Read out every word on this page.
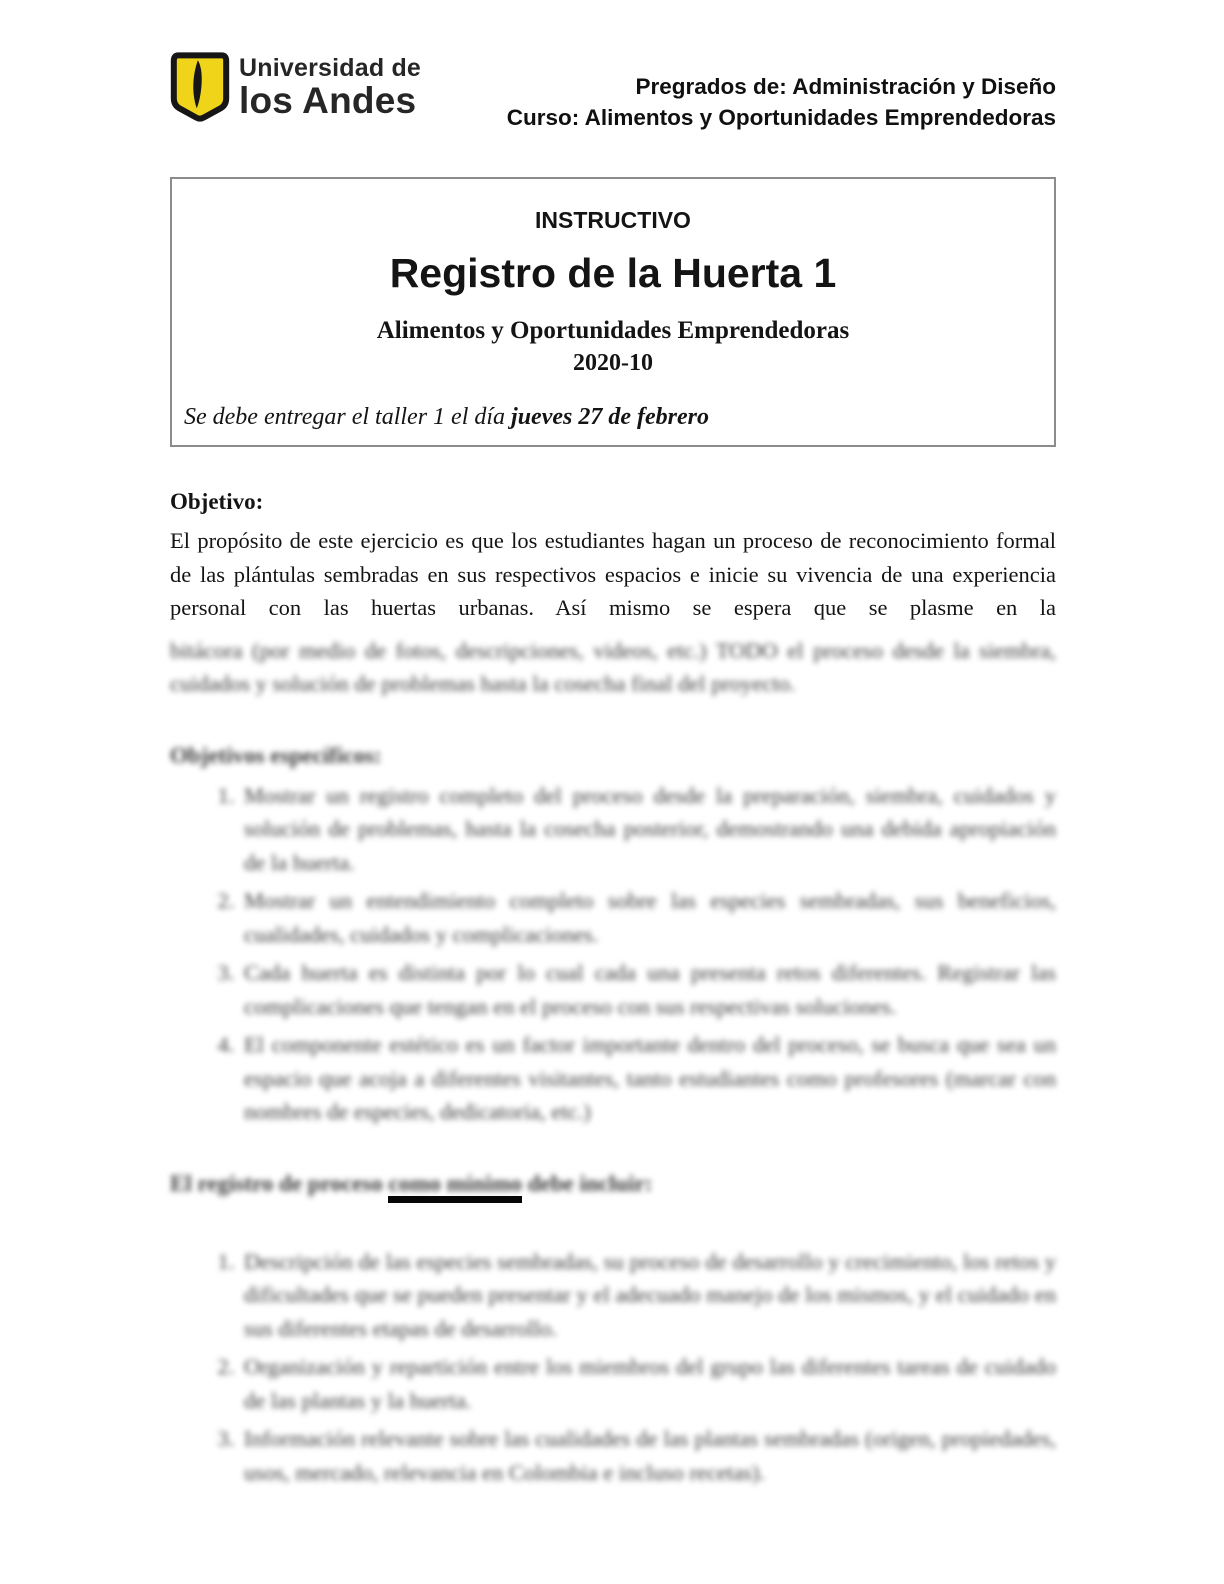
Universidad de
los Andes	Pregrados de: Administración y Diseño
Curso: Alimentos y Oportunidades Emprendedoras
INSTRUCTIVO
Registro de la Huerta 1
Alimentos y Oportunidades Emprendedoras
2020-10
Se debe entregar el taller 1 el día jueves 27 de febrero
Objetivo:
El propósito de este ejercicio es que los estudiantes hagan un proceso de reconocimiento formal de las plántulas sembradas en sus respectivos espacios e inicie su vivencia de una experiencia personal con las huertas urbanas. Así mismo se espera que se plasme en la
bitácora (por medio de fotos, descripciones, videos, etc.) TODO el proceso desde la siembra, cuidados y solución de problemas hasta la cosecha final del proyecto.
Objetivos específicos:
1. Mostrar un registro completo del proceso desde la preparación, siembra, cuidados y solución de problemas, hasta la cosecha posterior, demostrando una debida apropiación de la huerta.
2. Mostrar un entendimiento completo sobre las especies sembradas, sus beneficios, cualidades, cuidados y complicaciones.
3. Cada huerta es distinta por lo cual cada una presenta retos diferentes. Registrar las complicaciones que tengan en el proceso con sus respectivas soluciones.
4. El componente estético es un factor importante dentro del proceso, se busca que sea un espacio que acoja a diferentes visitantes, tanto estudiantes como profesores (marcar con nombres de especies, dedicatoria, etc.)
El registro de proceso como mínimo debe incluir:
1. Descripción de las especies sembradas, su proceso de desarrollo y crecimiento, los retos y dificultades que se pueden presentar y el adecuado manejo de los mismos, y el cuidado en sus diferentes etapas de desarrollo.
2. Organización y repartición entre los miembros del grupo las diferentes tareas de cuidado de las plantas y la huerta.
3. Información relevante sobre las cualidades de las plantas sembradas (origen, propiedades, usos, mercado, relevancia en Colombia e incluso recetas).
